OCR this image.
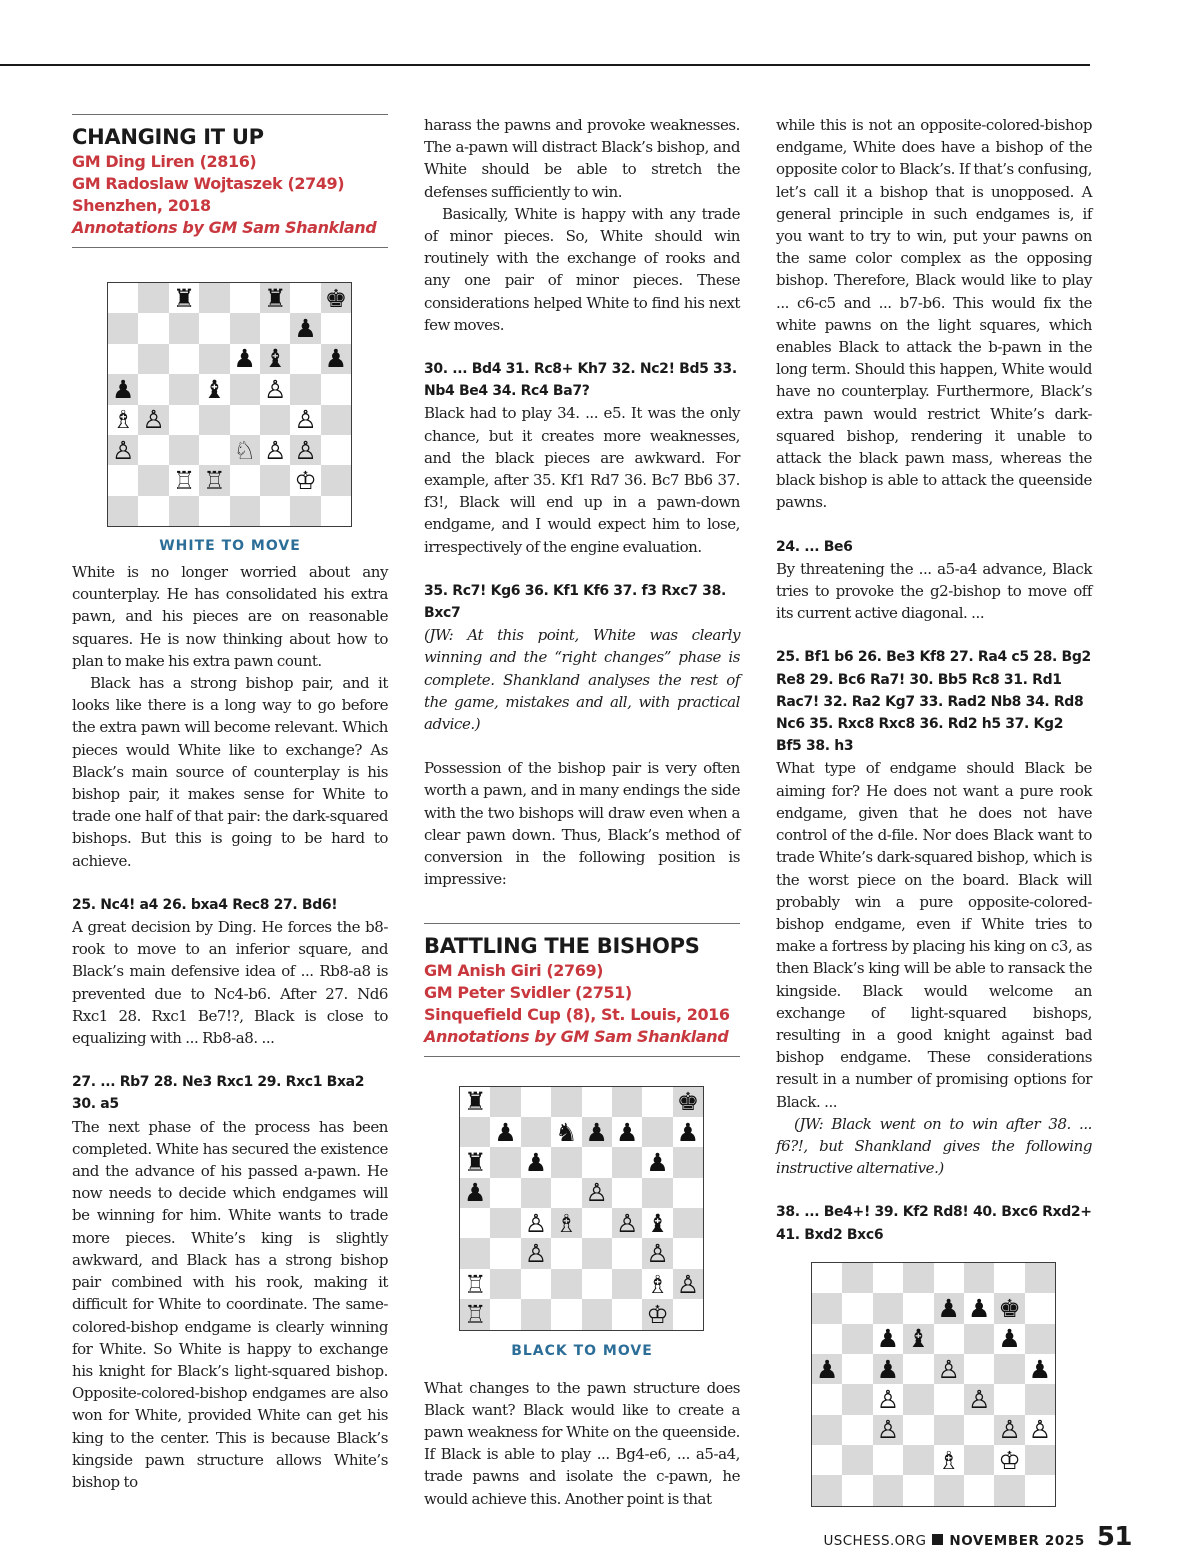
CHANGING IT UP
GM Ding Liren (2816)
GM Radoslaw Wojtaszek (2749)
Shenzhen, 2018
Annotations by GM Sam Shankland
♜	♜ ♚
♟
♟ ♝ ♟
♟	♝ ♙
♗ ♙	♙
♙	♘ ♙ ♙
♖ ♖	♔
WHITE TO MOVE

White is no longer worried about any counterplay. He has consolidated his extra pawn, and his pieces are on reasonable squares. He is now thinking about how to plan to make his extra pawn count.

Black has a strong bishop pair, and it looks like there is a long way to go before the extra pawn will become relevant. Which pieces would White like to exchange? As Black’s main source of counterplay is his bishop pair, it makes sense for White to trade one half of that pair: the dark-squared bishops. But this is going to be hard to achieve.

25. Nc4! a4 26. bxa4 Rec8 27. Bd6!

A great decision by Ding. He forces the b8-rook to move to an inferior square, and Black’s main defensive idea of ... Rb8-a8 is prevented due to Nc4-b6. After 27. Nd6 Rxc1 28. Rxc1 Be7!?, Black is close to equalizing with ... Rb8-a8. ...

27. ... Rb7 28. Ne3 Rxc1 29. Rxc1 Bxa2 30. a5

The next phase of the process has been completed. White has secured the existence and the advance of his passed a-pawn. He now needs to decide which endgames will be winning for him. White wants to trade more pieces. White’s king is slightly awkward, and Black has a strong bishop pair combined with his rook, making it difficult for White to coordinate. The same-colored-bishop endgame is clearly winning for White. So White is happy to exchange his knight for Black’s light-squared bishop. Opposite-colored-bishop endgames are also won for White, provided White can get his king to the center. This is because Black’s kingside pawn structure allows White’s bishop to

harass the pawns and provoke weaknesses. The a-pawn will distract Black’s bishop, and White should be able to stretch the defenses sufficiently to win.

Basically, White is happy with any trade of minor pieces. So, White should win routinely with the exchange of rooks and any one pair of minor pieces. These considerations helped White to find his next few moves.

30. ... Bd4 31. Rc8+ Kh7 32. Nc2! Bd5 33. Nb4 Be4 34. Rc4 Ba7?

Black had to play 34. ... e5. It was the only chance, but it creates more weaknesses, and the black pieces are awkward. For example, after 35. Kf1 Rd7 36. Bc7 Bb6 37. f3!, Black will end up in a pawn-down endgame, and I would expect him to lose, irrespectively of the engine evaluation.

35. Rc7! Kg6 36. Kf1 Kf6 37. f3 Rxc7 38. Bxc7

(JW: At this point, White was clearly winning and the “right changes” phase is complete. Shankland analyses the rest of the game, mistakes and all, with practical advice.)

Possession of the bishop pair is very often worth a pawn, and in many endings the side with the two bishops will draw even when a clear pawn down. Thus, Black’s method of conversion in the following position is impressive:

BATTLING THE BISHOPS
GM Anish Giri (2769)
GM Peter Svidler (2751)
Sinquefield Cup (8), St. Louis, 2016
Annotations by GM Sam Shankland
♜	♚
♟ ♞ ♟ ♟ ♟
♜ ♟	♟
♟	♙
♙ ♗ ♙ ♝
♙	♙
♖	♗ ♙
♖	♔
BLACK TO MOVE

What changes to the pawn structure does Black want? Black would like to create a pawn weakness for White on the queenside. If Black is able to play ... Bg4-e6, ... a5-a4, trade pawns and isolate the c-pawn, he would achieve this. Another point is that

while this is not an opposite-colored-bishop endgame, White does have a bishop of the opposite color to Black’s. If that’s confusing, let’s call it a bishop that is unopposed. A general principle in such endgames is, if you want to try to win, put your pawns on the same color complex as the opposing bishop. Therefore, Black would like to play ... c6-c5 and ... b7-b6. This would fix the white pawns on the light squares, which enables Black to attack the b-pawn in the long term. Should this happen, White would have no counterplay. Furthermore, Black’s extra pawn would restrict White’s dark-squared bishop, rendering it unable to attack the black pawn mass, whereas the black bishop is able to attack the queenside pawns.

24. ... Be6

By threatening the ... a5-a4 advance, Black tries to provoke the g2-bishop to move off its current active diagonal. ...

25. Bf1 b6 26. Be3 Kf8 27. Ra4 c5 28. Bg2 Re8 29. Bc6 Ra7! 30. Bb5 Rc8 31. Rd1 Rac7! 32. Ra2 Kg7 33. Rad2 Nb8 34. Rd8 Nc6 35. Rxc8 Rxc8 36. Rd2 h5 37. Kg2 Bf5 38. h3

What type of endgame should Black be aiming for? He does not want a pure rook endgame, given that he does not have control of the d-file. Nor does Black want to trade White’s dark-squared bishop, which is the worst piece on the board. Black will probably win a pure opposite-colored-bishop endgame, even if White tries to make a fortress by placing his king on c3, as then Black’s king will be able to ransack the kingside. Black would welcome an exchange of light-squared bishops, resulting in a good knight against bad bishop endgame. These considerations result in a number of promising options for Black. ...

(JW: Black went on to win after 38. ... f6?!, but Shankland gives the following instructive alternative.)

38. ... Be4+! 39. Kf2 Rd8! 40. Bxc6 Rxd2+ 41. Bxd2 Bxc6
♟ ♟ ♚
♟ ♝	♟
♟ ♟ ♙	♟
♙	♙
♙	♙ ♙
♗ ♔
USCHESS.ORG NOVEMBER 2025 51
